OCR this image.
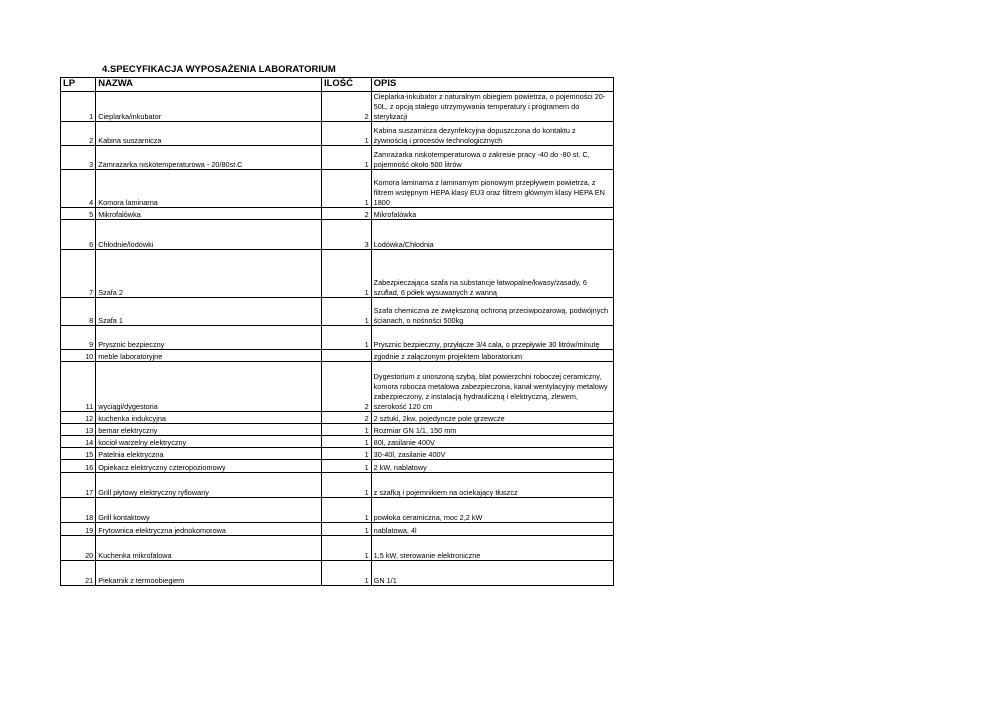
4.SPECYFIKACJA WYPOSAŻENIA LABORATORIUM
LP	NAZWA	ILOŚĆ	OPIS
1	Cieplarka/inkubator	2	Cieplarka-inkubator z naturalnym obiegiem powietrza, o pojemności 20-50L, z opcją stałego utrzymywania temperatury i programem do sterylizacji
2	Kabina suszarnicza	1	Kabina suszarnicza dezynfekcyjna dopuszczona do kontaktu z żywnością i procesów technologicznych
3	Zamrażarka niskotemperaturowa - 20/80st.C	1	Zamrażarka niskotemperaturowa o zakresie pracy -40 do -80 st. C, pojemność około 500 litrów
4	Komora laminarna	1	Komora laminarna z laminarnym pionowym przepływem powietrza, z filtrem wstępnym HEPA klasy EU3 oraz filtrem głównym klasy HEPA EN 1800
5	Mikrofalówka	2	Mikrofalówka
6	Chłodnie/lodówki	3	Lodówka/Chłodnia
7	Szafa 2	1	Zabezpieczająca szafa na substancje łatwopalne/kwasy/zasady, 6 szuflad, 6 półek wysuwanych z wanną
8	Szafa 1	1	Szafa chemiczna ze zwiększoną ochroną przeciwpożarową, podwójnych ścianach, o nośności 500kg
9	Prysznic bezpieczny	1	Prysznic bezpieczny, przyłącze 3/4 cala, o przepływie 30 litrów/minutę
10	meble laboratoryjne		zgodnie z załączonym projektem laboratorium
11	wyciągi/dygestoria	2	Dygestorium z unoszoną szybą, blat powierzchni roboczej ceramiczny, komora robocza metalowa zabezpieczona, kanał wentylacyjny metalowy zabezpieczony, z instalacją hydrauliczną i elektryczną, zlewem, szerokość 120 cm
12	kuchenka indukcyjna	2	2 sztuki, 2kw, pojedyncze pole grzewcze
13	bemar elektryczny	1	Rozmiar GN 1/1, 150 mm
14	kocioł warzelny elektryczny	1	80l, zasilanie 400V
15	Patelnia elektryczna	1	30-40l, zasilanie 400V
16	Opiekacz elektryczny czteropoziomowy	1	2 kW, nablatowy
17	Grill płytowy elektryczny ryflowany	1	z szafką i pojemnikiem na ociekający tłuszcz
18	Grill kontaktowy	1	powłoka ceramiczna, moc 2,2 kW
19	Frytownica elektryczna jednokomorowa	1	nablatowa, 4l
20	Kuchenka mikrofalowa	1	1,5 kW, sterowanie elektroniczne
21	Piekarnik z termoobiegiem	1	GN 1/1
